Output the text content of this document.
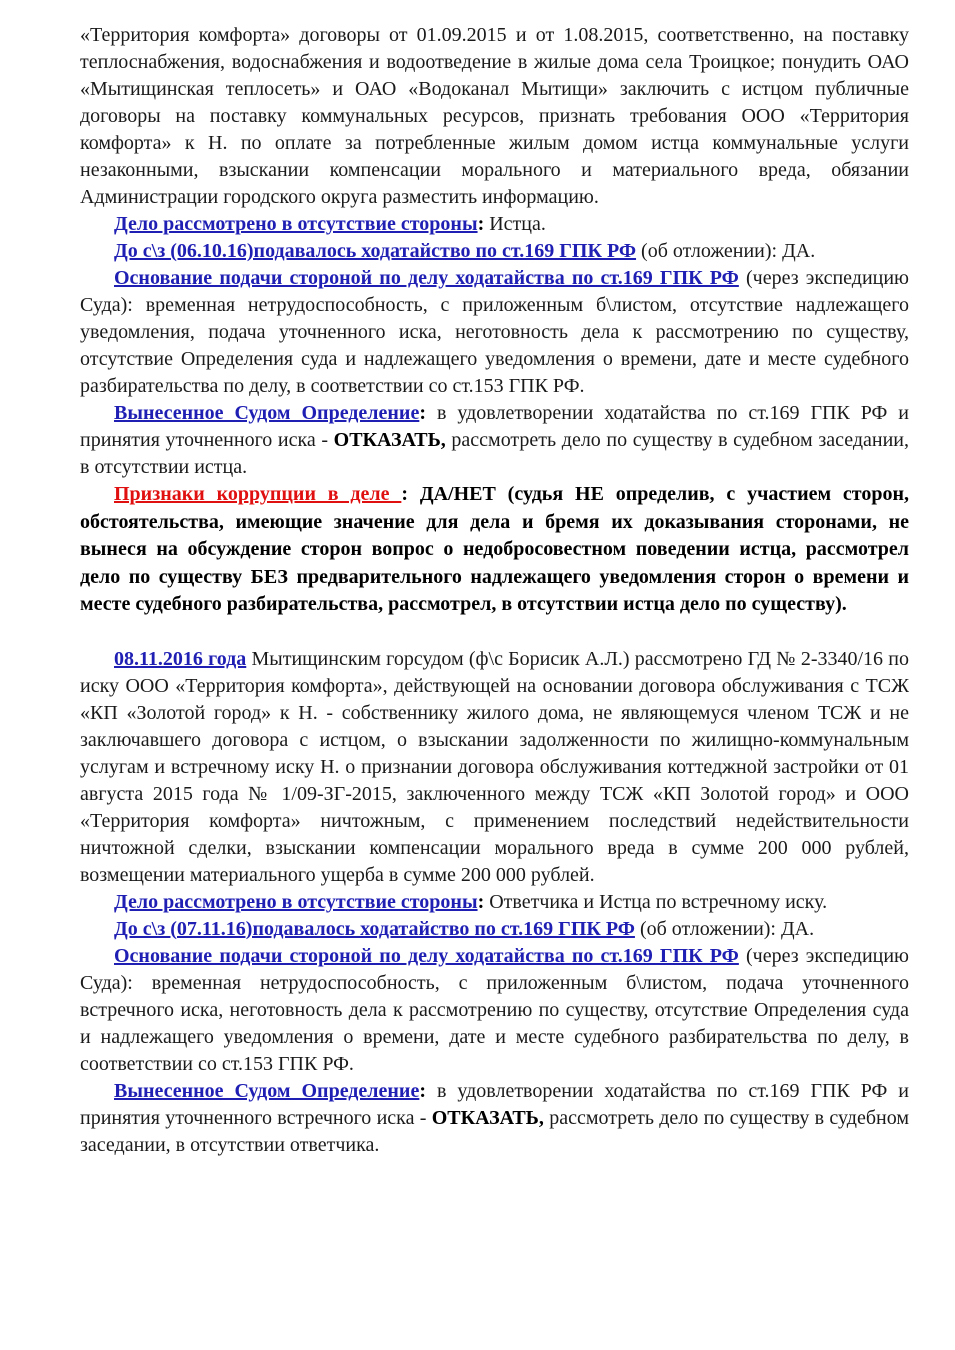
«Территория комфорта» договоры от 01.09.2015 и от 1.08.2015, соответственно, на поставку теплоснабжения, водоснабжения и водоотведение в жилые дома села Троицкое; понудить ОАО «Мытищинская теплосеть» и ОАО «Водоканал Мытищи» заключить с истцом публичные договоры на поставку коммунальных ресурсов, признать требования ООО «Территория комфорта» к Н. по оплате за потребленные жилым домом истца коммунальные услуги незаконными, взыскании компенсации морального и материального вреда, обязании Администрации городского округа разместить информацию.

Дело рассмотрено в отсутствие стороны: Истца.

До с\з (06.10.16)подавалось ходатайство по ст.169 ГПК РФ (об отложении): ДА.

Основание подачи стороной по делу ходатайства по ст.169 ГПК РФ (через экспедицию Суда): временная нетрудоспособность, с приложенным б\листом, отсутствие надлежащего уведомления, подача уточненного иска, неготовность дела к рассмотрению по существу, отсутствие Определения суда и надлежащего уведомления о времени, дате и месте судебного разбирательства по делу, в соответствии со ст.153 ГПК РФ.

Вынесенное Судом Определение: в удовлетворении ходатайства по ст.169 ГПК РФ и принятия уточненного иска - ОТКАЗАТЬ, рассмотреть дело по существу в судебном заседании, в отсутствии истца.

Признаки коррупции в деле : ДА/НЕТ (судья НЕ определив, с участием сторон, обстоятельства, имеющие значение для дела и бремя их доказывания сторонами, не вынеся на обсуждение сторон вопрос о недобросовестном поведении истца, рассмотрел дело по существу БЕЗ предварительного надлежащего уведомления сторон о времени и месте судебного разбирательства, рассмотрел, в отсутствии истца дело по существу).

08.11.2016 года Мытищинским горсудом (ф\с Борисик А.Л.) рассмотрено ГД № 2-3340/16 по иску ООО «Территория комфорта», действующей на основании договора обслуживания с ТСЖ «КП «Золотой город» к Н. - собственнику жилого дома, не являющемуся членом ТСЖ и не заключавшего договора с истцом, о взыскании задолженности по жилищно-коммунальным услугам и встречному иску Н. о признании договора обслуживания коттеджной застройки от 01 августа 2015 года № 1/09-ЗГ-2015, заключенного между ТСЖ «КП Золотой город» и ООО «Территория комфорта» ничтожным, с применением последствий недействительности ничтожной сделки, взыскании компенсации морального вреда в сумме 200 000 рублей, возмещении материального ущерба в сумме 200 000 рублей.

Дело рассмотрено в отсутствие стороны: Ответчика и Истца по встречному иску.

До с\з (07.11.16)подавалось ходатайство по ст.169 ГПК РФ (об отложении): ДА.

Основание подачи стороной по делу ходатайства по ст.169 ГПК РФ (через экспедицию Суда): временная нетрудоспособность, с приложенным б\листом, подача уточненного встречного иска, неготовность дела к рассмотрению по существу, отсутствие Определения суда и надлежащего уведомления о времени, дате и месте судебного разбирательства по делу, в соответствии со ст.153 ГПК РФ.

Вынесенное Судом Определение: в удовлетворении ходатайства по ст.169 ГПК РФ и принятия уточненного встречного иска - ОТКАЗАТЬ, рассмотреть дело по существу в судебном заседании, в отсутствии ответчика.
